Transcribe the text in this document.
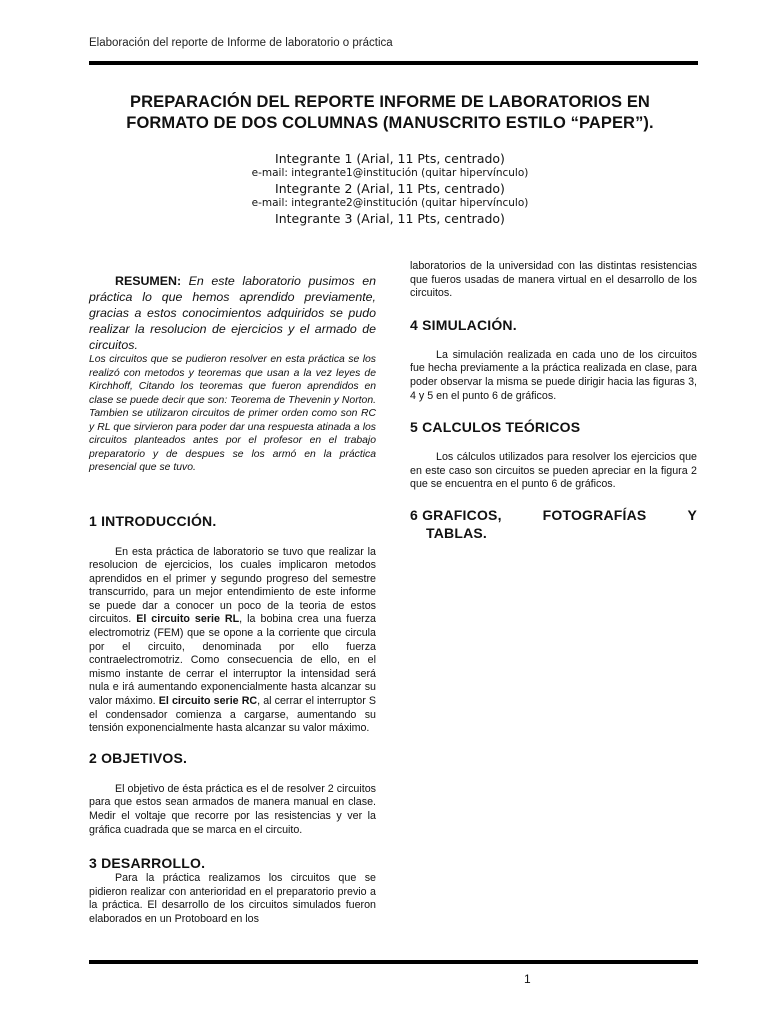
Elaboración del reporte de Informe de laboratorio o práctica
PREPARACIÓN DEL REPORTE INFORME DE LABORATORIOS EN
FORMATO DE DOS COLUMNAS (MANUSCRITO ESTILO “PAPER”).
Integrante 1 (Arial, 11 Pts, centrado)
e-mail: integrante1@institución (quitar hipervínculo)
Integrante 2 (Arial, 11 Pts, centrado)
e-mail: integrante2@institución (quitar hipervínculo)
Integrante 3 (Arial, 11 Pts, centrado)

RESUMEN: En este laboratorio pusimos en práctica lo que hemos aprendido previamente, gracias a estos conocimientos adquiridos se pudo realizar la resolucion de ejercicios y el armado de circuitos.

Los circuitos que se pudieron resolver en esta práctica se los realizó con metodos y teoremas que usan a la vez leyes de Kirchhoff, Citando los teoremas que fueron aprendidos en clase se puede decir que son: Teorema de Thevenin y Norton. Tambien se utilizaron circuitos de primer orden como son RC y RL que sirvieron para poder dar una respuesta atinada a los circuitos planteados antes por el profesor en el trabajo preparatorio y de despues se los armó en la práctica presencial que se tuvo.

1 INTRODUCCIÓN.

En esta práctica de laboratorio se tuvo que realizar la resolucion de ejercicios, los cuales implicaron metodos aprendidos en el primer y segundo progreso del semestre transcurrido, para un mejor entendimiento de este informe se puede dar a conocer un poco de la teoria de estos circuitos. El circuito serie RL, la bobina crea una fuerza electromotriz (FEM) que se opone a la corriente que circula por el circuito, denominada por ello fuerza contraelectromotriz. Como consecuencia de ello, en el mismo instante de cerrar el interruptor la intensidad será nula e irá aumentando exponencialmente hasta alcanzar su valor máximo. El circuito serie RC, al cerrar el interruptor S el condensador comienza a cargarse, aumentando su tensión exponencialmente hasta alcanzar su valor máximo.

2 OBJETIVOS.

El objetivo de ésta práctica es el de resolver 2 circuitos para que estos sean armados de manera manual en clase. Medir el voltaje que recorre por las resistencias y ver la gráfica cuadrada que se marca en el circuito.

3 DESARROLLO.

Para la práctica realizamos los circuitos que se pidieron realizar con anterioridad en el preparatorio previo a la práctica. El desarrollo de los circuitos simulados fueron elaborados en un Protoboard en los

laboratorios de la universidad con las distintas resistencias que fueros usadas de manera virtual en el desarrollo de los circuitos.

4 SIMULACIÓN.

La simulación realizada en cada uno de los circuitos fue hecha previamente a la práctica realizada en clase, para poder observar la misma se puede dirigir hacia las figuras 3, 4 y 5 en el punto 6 de gráficos.

5 CALCULOS TEÓRICOS

Los cálculos utilizados para resolver los ejercicios que en este caso son circuitos se pueden apreciar en la figura 2 que se encuentra en el punto 6 de gráficos.

6 GRAFICOS,	FOTOGRAFÍAS	Y
TABLAS.
1
